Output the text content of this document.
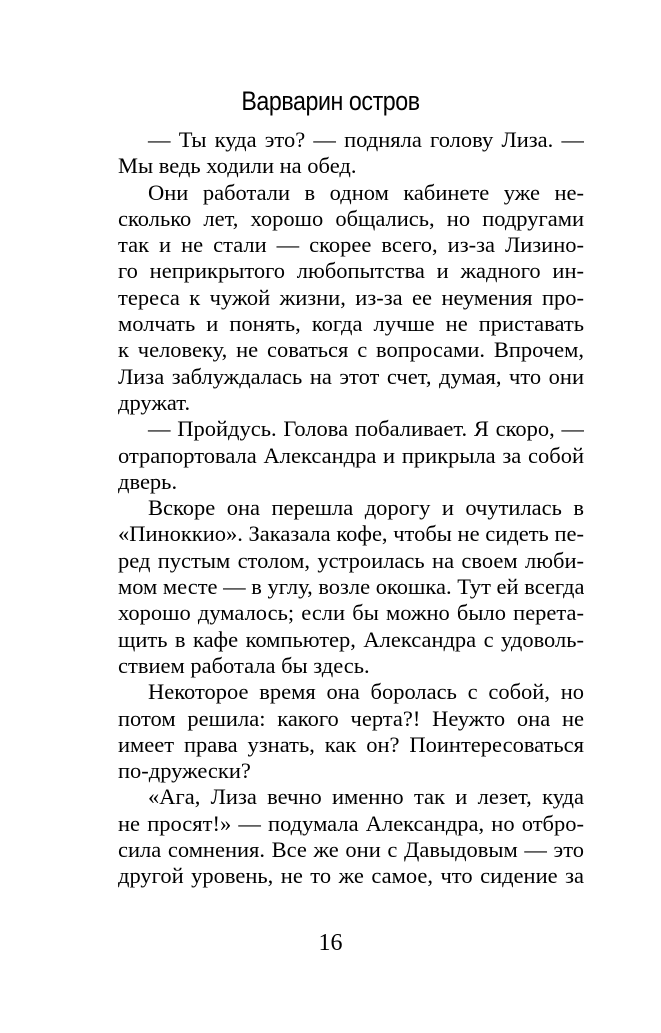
Варварин остров

— Ты куда это? — подняла голову Лиза. —
Мы ведь ходили на обед.

Они работали в одном кабинете уже не-
сколько лет, хорошо общались, но подругами
так и не стали — скорее всего, из-за Лизино-
го неприкрытого любопытства и жадного ин-
тереса к чужой жизни, из-за ее неумения про-
молчать и понять, когда лучше не приставать
к человеку, не соваться с вопросами. Впрочем,
Лиза заблуждалась на этот счет, думая, что они
дружат.

— Пройдусь. Голова побаливает. Я скоро, —
отрапортовала Александра и прикрыла за собой
дверь.

Вскоре она перешла дорогу и очутилась в
«Пиноккио». Заказала кофе, чтобы не сидеть пе-
ред пустым столом, устроилась на своем люби-
мом месте — в углу, возле окошка. Тут ей всегда
хорошо думалось; если бы можно было перета-
щить в кафе компьютер, Александра с удоволь-
ствием работала бы здесь.

Некоторое время она боролась с собой, но
потом решила: какого черта?! Неужто она не
имеет права узнать, как он? Поинтересоваться
по-дружески?

«Ага, Лиза вечно именно так и лезет, куда
не просят!» — подумала Александра, но отбро-
сила сомнения. Все же они с Давыдовым — это
другой уровень, не то же самое, что сидение за

16
